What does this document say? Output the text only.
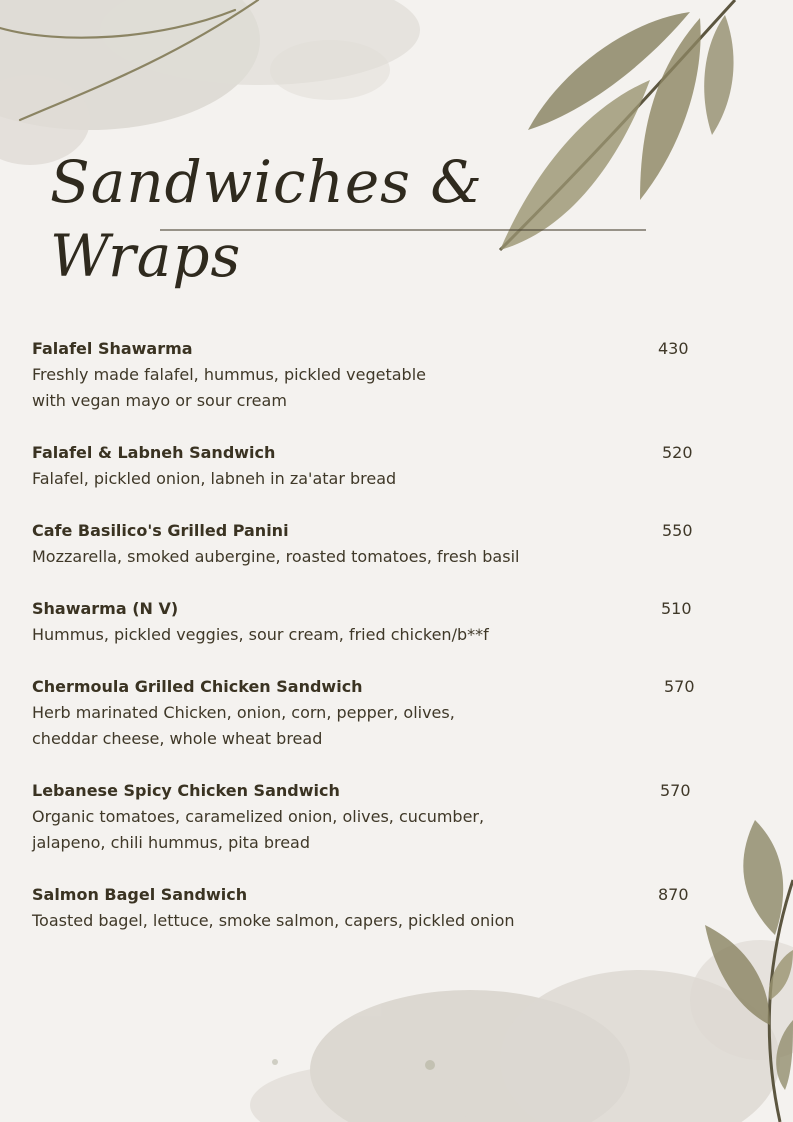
Sandwiches &
Wraps
Falafel Shawarma
Freshly made falafel, hummus, pickled vegetable
with vegan mayo or sour cream
430
Falafel & Labneh Sandwich
Falafel, pickled onion, labneh in za'atar bread
520
Cafe Basilico's Grilled Panini
Mozzarella, smoked aubergine, roasted tomatoes, fresh basil
550
Shawarma (N V)
Hummus, pickled veggies, sour cream, fried chicken/b**f
510
Chermoula Grilled Chicken Sandwich
Herb marinated Chicken, onion, corn, pepper, olives,
cheddar cheese, whole wheat bread
570
Lebanese Spicy Chicken Sandwich
Organic tomatoes, caramelized onion, olives, cucumber,
jalapeno, chili hummus, pita bread
570
Salmon Bagel Sandwich
Toasted bagel, lettuce, smoke salmon, capers, pickled onion
870
